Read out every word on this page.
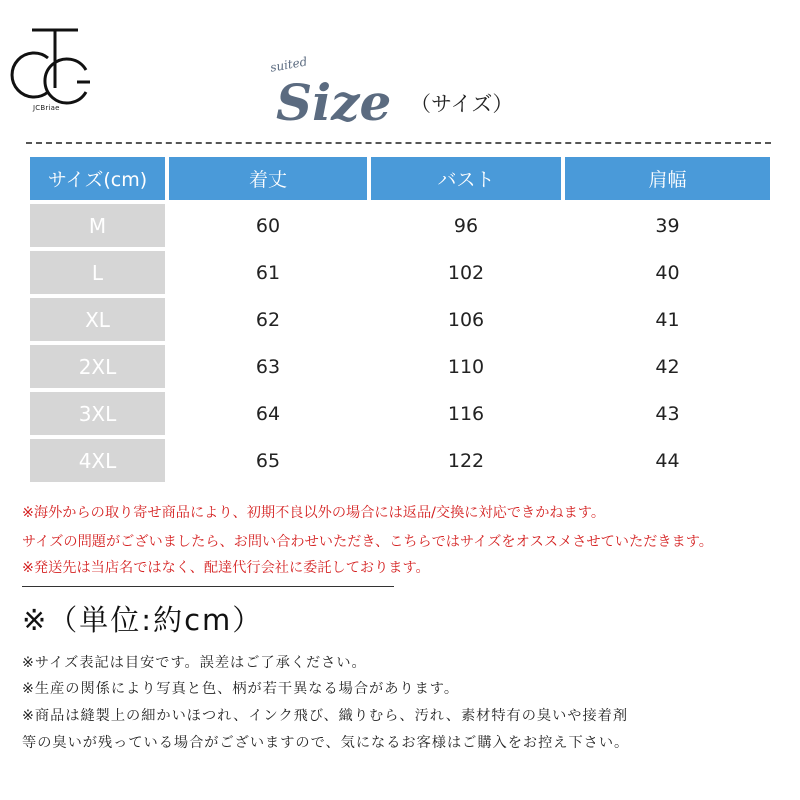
JCBriae
suited
Size （サイズ）
サイズ(cm)	着丈	バスト	肩幅
M	60	96	39
L	61	102	40
XL	62	106	41
2XL	63	110	42
3XL	64	116	43
4XL	65	122	44
※海外からの取り寄せ商品により、初期不良以外の場合には返品/交換に対応できかねます。
サイズの問題がございましたら、お問い合わせいただき、こちらではサイズをオススメさせていただきます。
※発送先は当店名ではなく、配達代行会社に委託しております。
※（単位:約cm）
※サイズ表記は目安です。誤差はご了承ください。
※生産の関係により写真と色、柄が若干異なる場合があります。
※商品は縫製上の細かいほつれ、インク飛び、織りむら、汚れ、素材特有の臭いや接着剤
等の臭いが残っている場合がございますので、気になるお客様はご購入をお控え下さい。
